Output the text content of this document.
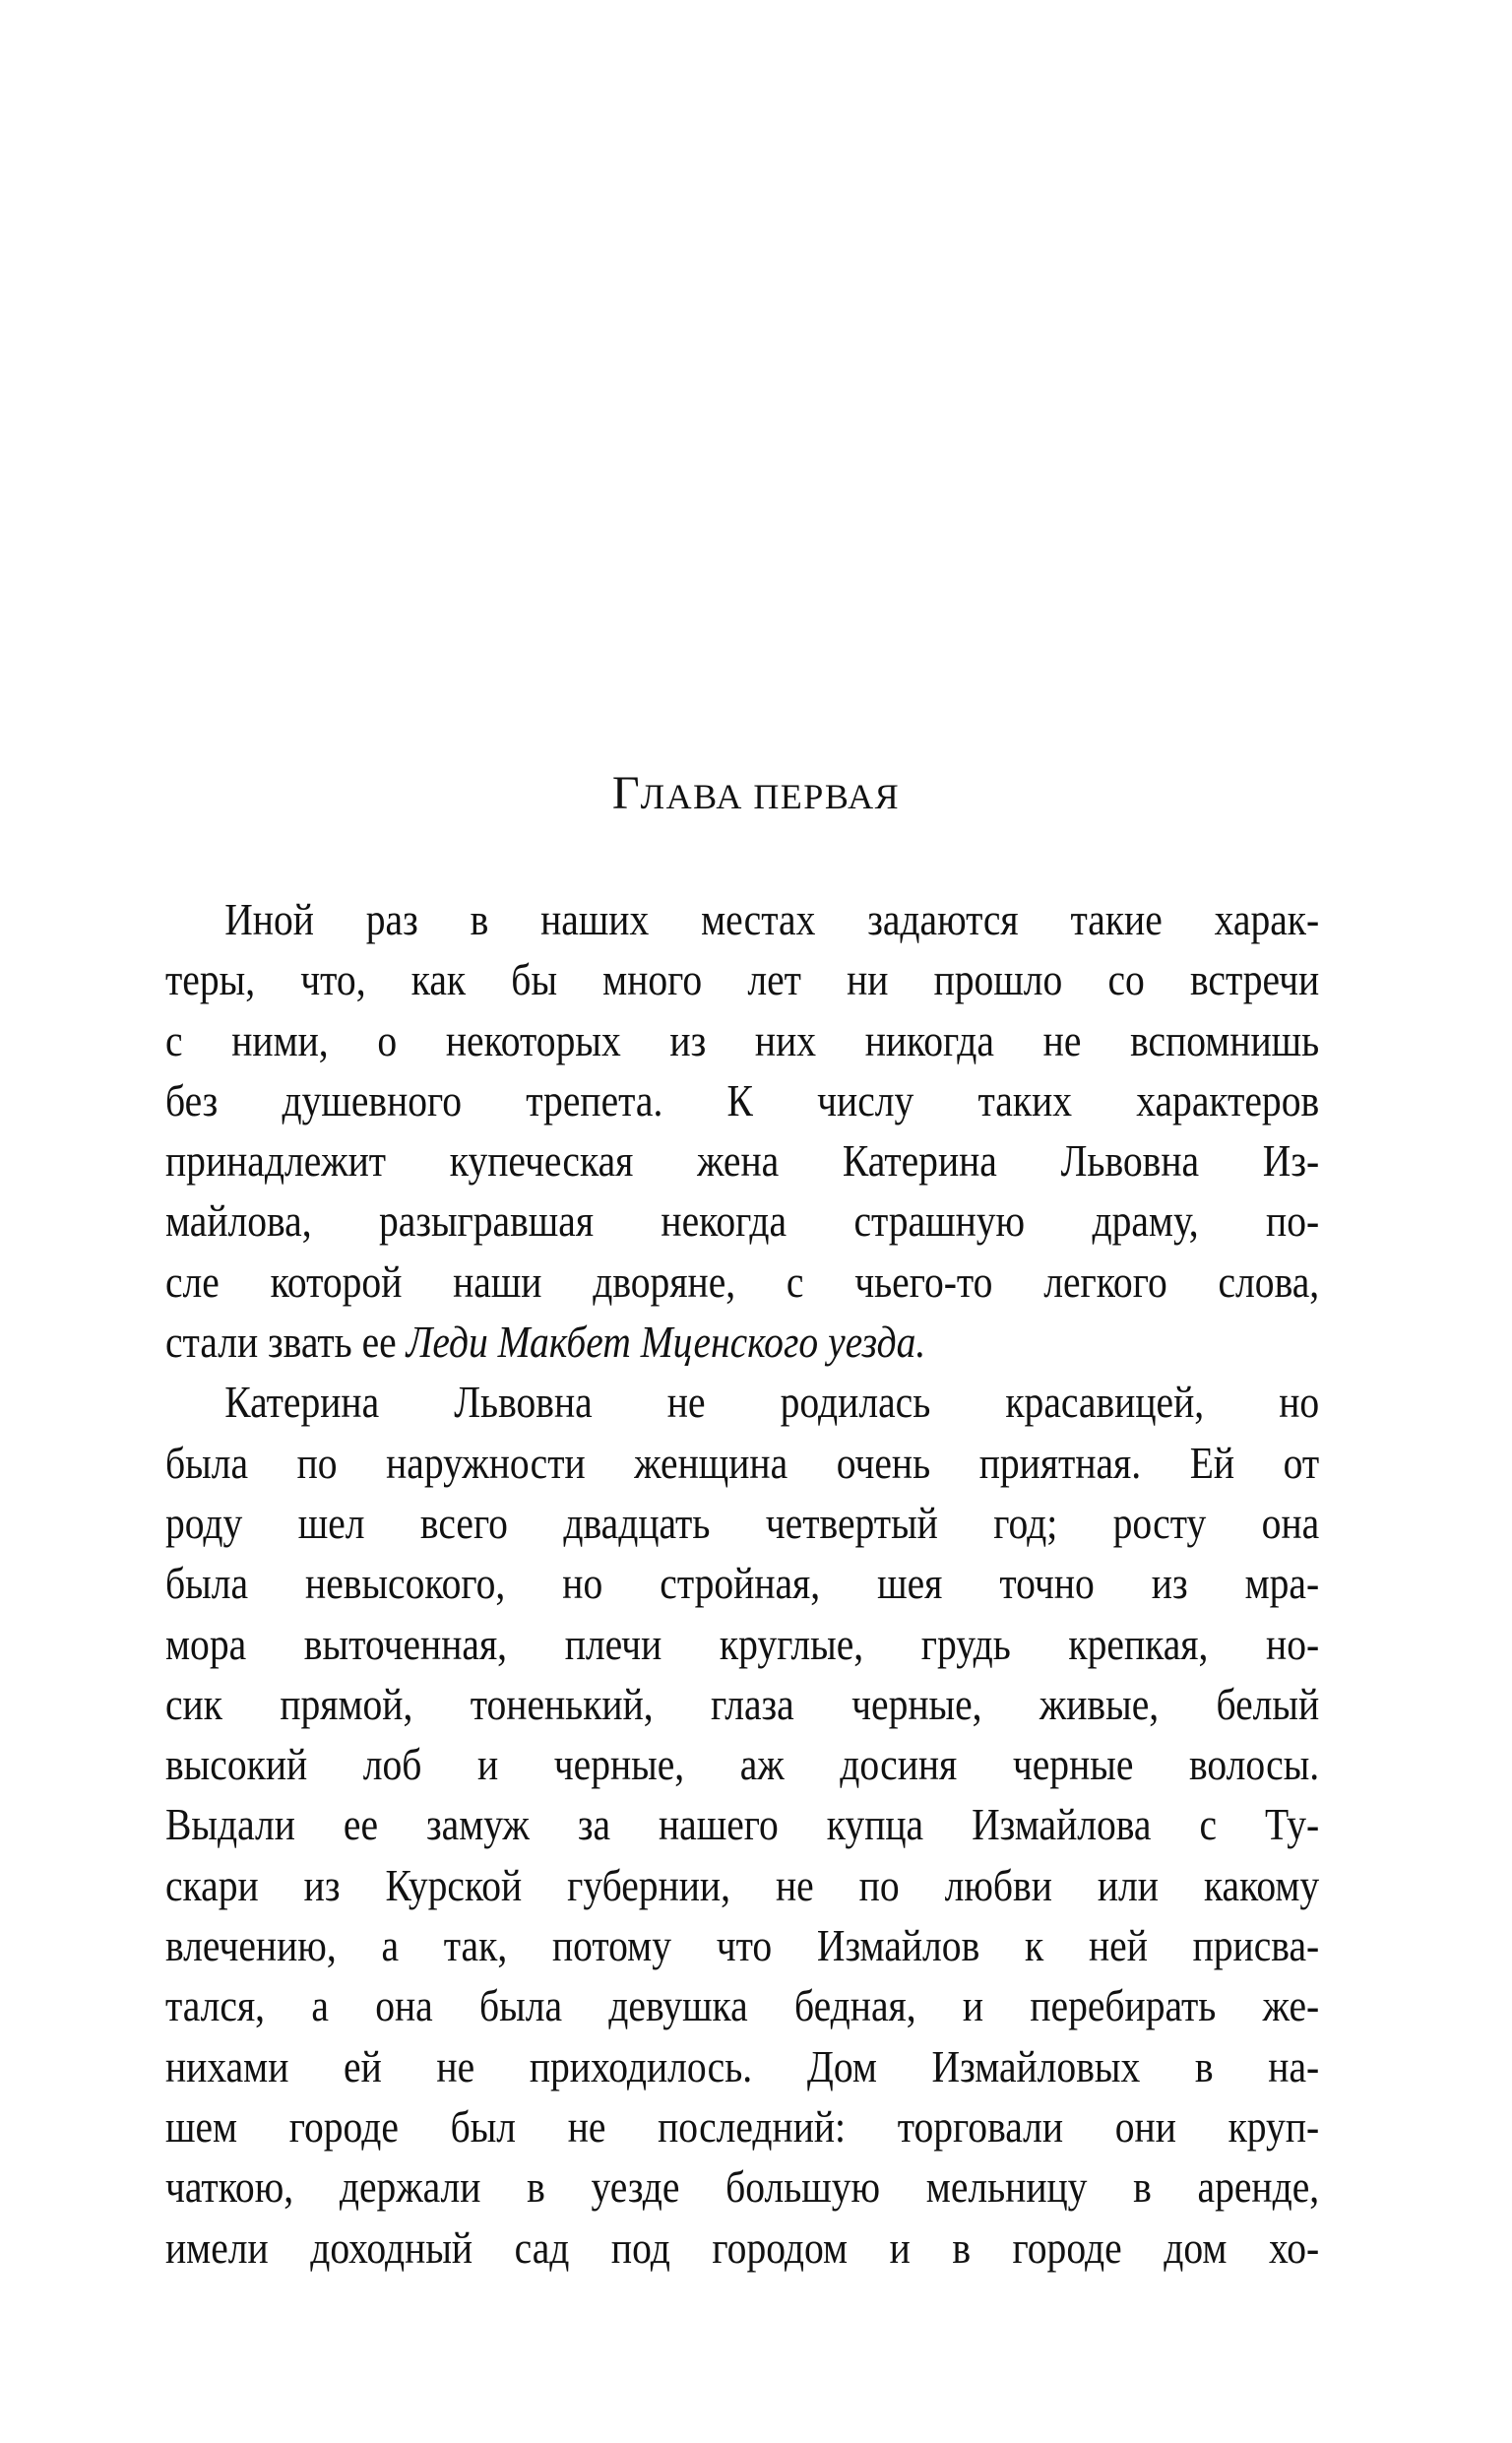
ГЛАВА ПЕРВАЯ
Иной раз в наших местах задаются такие харак-
теры, что, как бы много лет ни прошло со встречи
с ними, о некоторых из них никогда не вспомнишь
без душевного трепета. К числу таких характеров
принадлежит купеческая жена Катерина Львовна Из-
майлова, разыгравшая некогда страшную драму, по-
сле которой наши дворяне, с чьего-то легкого слова,
стали звать ее Леди Макбет Мценского уезда.
Катерина Львовна не родилась красавицей, но
была по наружности женщина очень приятная. Ей от
роду шел всего двадцать четвертый год; росту она
была невысокого, но стройная, шея точно из мра-
мора выточенная, плечи круглые, грудь крепкая, но-
сик прямой, тоненький, глаза черные, живые, белый
высокий лоб и черные, аж досиня черные волосы.
Выдали ее замуж за нашего купца Измайлова с Ту-
скари из Курской губернии, не по любви или какому
влечению, а так, потому что Измайлов к ней присва-
тался, а она была девушка бедная, и перебирать же-
нихами ей не приходилось. Дом Измайловых в на-
шем городе был не последний: торговали они круп-
чаткою, держали в уезде большую мельницу в аренде,
имели доходный сад под городом и в городе дом хо-
